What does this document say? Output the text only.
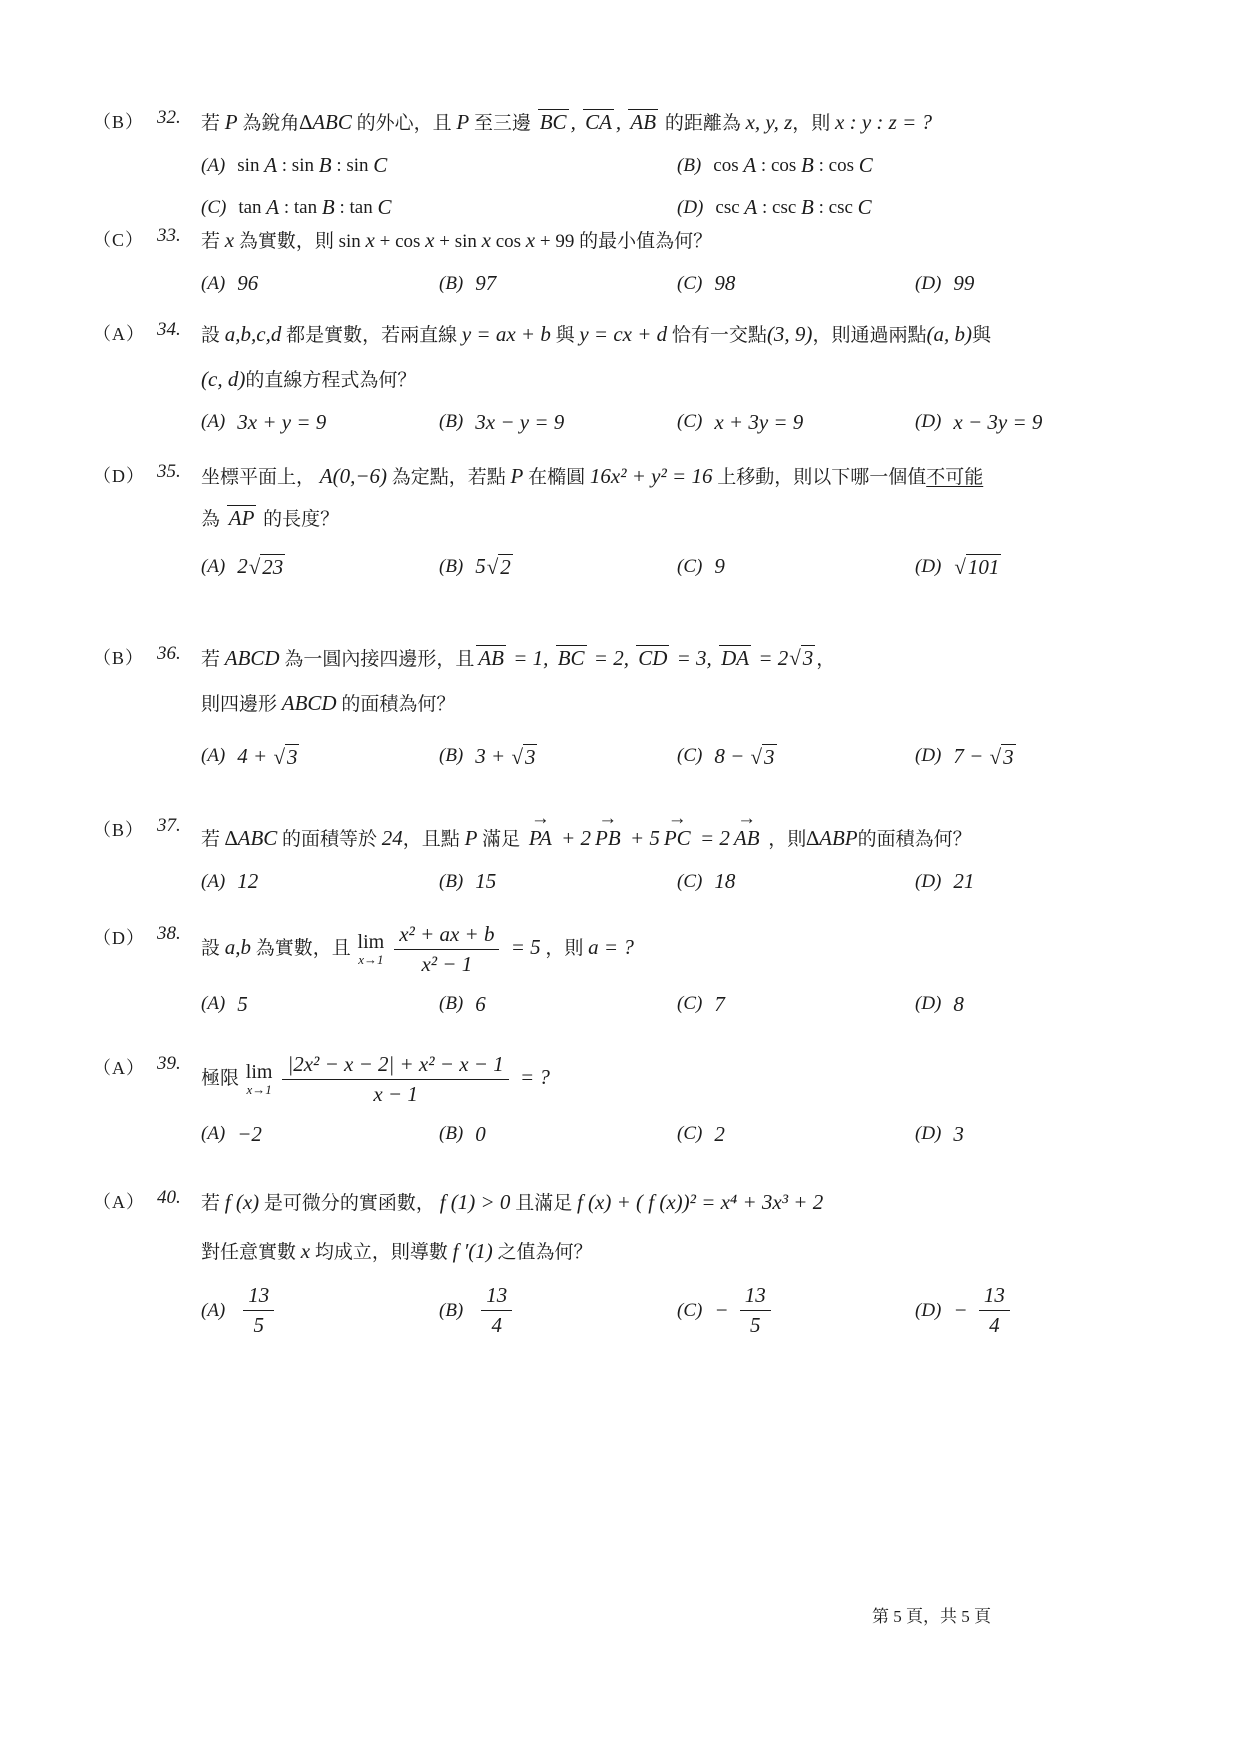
（B） 32.	若 P 為銳角∆ABC 的外心，且 P 至三邊 BC , CA , AB 的距離為 x, y, z，則 x : y : z = ?
(A) sin A : sin B : sin C	(B) cos A : cos B : cos C
(C) tan A : tan B : tan C	(D) csc A : csc B : csc C
（C） 33.	若 x 為實數，則 sin x + cos x + sin x cos x + 99 的最小值為何？
(A) 96	(B) 97	(C) 98	(D) 99
（A） 34.	設 a,b,c,d 都是實數，若兩直線 y = ax + b 與 y = cx + d 恰有一交點(3, 9)，則通過兩點(a, b)與
(c, d)的直線方程式為何？
(A) 3x + y = 9	(B) 3x − y = 9	(C) x + 3y = 9	(D) x − 3y = 9
（D） 35.	坐標平面上， A(0,−6) 為定點，若點 P 在橢圓 16x² + y² = 16 上移動，則以下哪一個值不可能
為 AP 的長度？
(A) 2 √ 23	(B) 5 √ 2	(C) 9	(D) √ 101
（B） 36.	若 ABCD 為一圓內接四邊形，且 AB = 1, BC = 2, CD = 3, DA = 2 √ 3 ，
則四邊形 ABCD 的面積為何？
(A) 4 + √ 3	(B) 3 + √ 3	(C) 8 − √ 3	(D) 7 − √ 3
（B） 37.
若 ∆ABC 的面積等於 24，且點 P 滿足
→
PA + 2
→
PB + 5
→
PC = 2
→
AB ，則∆ABP的面積為何？
(A) 12	(B) 15	(C) 18	(D) 21
（D） 38.
設 a,b 為實數，且 lim
$x\to 1 \frac{\text{x² + ax + b}}{\text{x² − 1}} = 5$ ，則 a = ?
(A) 5	(B) 6	(C) 7	(D) 8
（A） 39.
極限 lim
$x\to 1 \frac{\text{|2x² − x − 2| + x² − x − 1}}{x - 1}$ = ?
(A) −2	(B) 0	(C) 2	(D) 3
（A） 40.	若 f (x) 是可微分的實函數， f (1) > 0 且滿足 f (x) + ( f (x))² = x⁴ + 3x³ + 2
對任意實數 x 均成立，則導數 f ′(1) 之值為何？
$(A) \frac{13}{5}$	$(B) \frac{13}{4}$	$(C) - \frac{13}{5}$	$(D) - \frac{13}{4}$
第 5 頁，共 5 頁
